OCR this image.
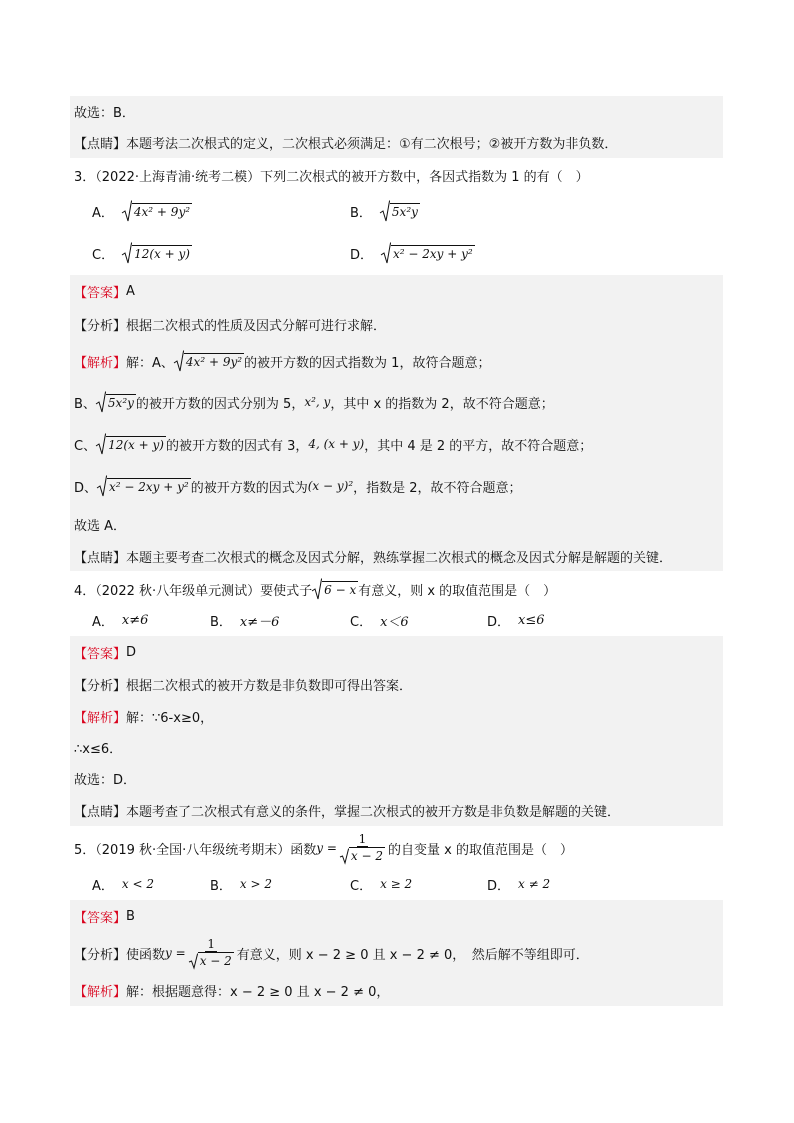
故选：B．
【点睛】 本题考法二次根式的定义，二次根式必须满足：①有二次根号；②被开方数为非负数．
3．（2022·上海青浦·统考二模）下列二次根式的被开方数中，各因式指数为 1 的有（　）
A． 4x² + 9y²	B． 5x²y
C． 12(x + y)	D． x² − 2xy + y²
【答案】 A
【分析】 根据二次根式的性质及因式分解可进行求解．
【解析】 解：A、 4x² + 9y² 的被开方数的因式指数为 1，故符合题意；
B、 5x²y 的被开方数的因式分别为 5， x², y ，其中 x 的指数为 2，故不符合题意；
C、 12(x + y) 的被开方数的因式有 3， 4, (x + y) ，其中 4 是 2 的平方，故不符合题意；
D、 x² − 2xy + y² 的被开方数的因式为 (x − y)² ，指数是 2，故不符合题意；
故选 A．
【点睛】 本题主要考查二次根式的概念及因式分解，熟练掌握二次根式的概念及因式分解是解题的关键．
4．（2022 秋·八年级单元测试）要使式子 6 − x 有意义，则 x 的取值范围是（　）
A． x≠6	B． x≠－6	C． x＜6	D． x≤6
【答案】 D
【分析】 根据二次根式的被开方数是非负数即可得出答案．
【解析】 解：∵6-x≥0，
∴x≤6．
故选：D．
【点睛】 本题考查了二次根式有意义的条件，掌握二次根式的被开方数是非负数是解题的关键．
5．（2019 秋·全国·八年级统考期末）函数 $y = \frac{1}{x - 2}$ 的自变量 x 的取值范围是（　）
A． x < 2	B． x > 2	C． x ≥ 2	D． x ≠ 2
【答案】 B
【分析】 使函数 $y = \frac{1}{x - 2}$ 有意义，则 x − 2 ≥ 0 且 x − 2 ≠ 0，　然后解不等组即可．
【解析】 解：根据题意得：x − 2 ≥ 0 且 x − 2 ≠ 0，
